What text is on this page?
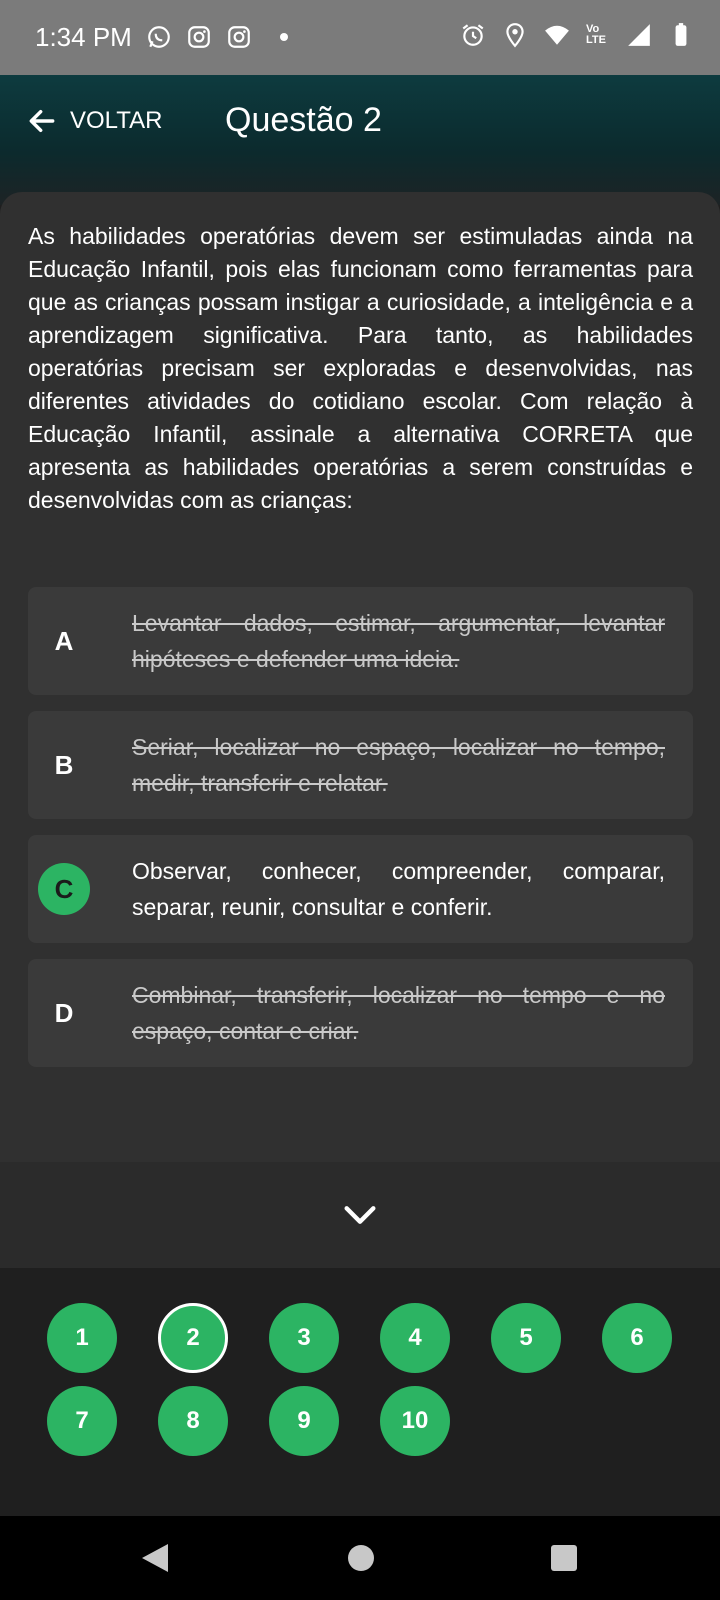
1:34 PM	Vo LTE
VOLTAR Questão 2
As habilidades operatórias devem ser estimuladas ainda na Educação Infantil, pois elas funcionam como ferramentas para que as crianças possam instigar a curiosidade, a inteligência e a aprendizagem significativa. Para tanto, as habilidades operatórias precisam ser exploradas e desenvolvidas, nas diferentes atividades do cotidiano escolar. Com relação à Educação Infantil, assinale a alternativa CORRETA que apresenta as habilidades operatórias a serem construídas e desenvolvidas com as crianças:
A
Levantar dados, estimar, argumentar, levantar hipóteses e defender uma ideia.
B
Seriar, localizar no espaço, localizar no tempo, medir, transferir e relatar.
C
Observar, conhecer, compreender, comparar, separar, reunir, consultar e conferir.
D
Combinar, transferir, localizar no tempo e no espaço, contar e criar.
1	2	3	4	5	6
7	8	9	10
